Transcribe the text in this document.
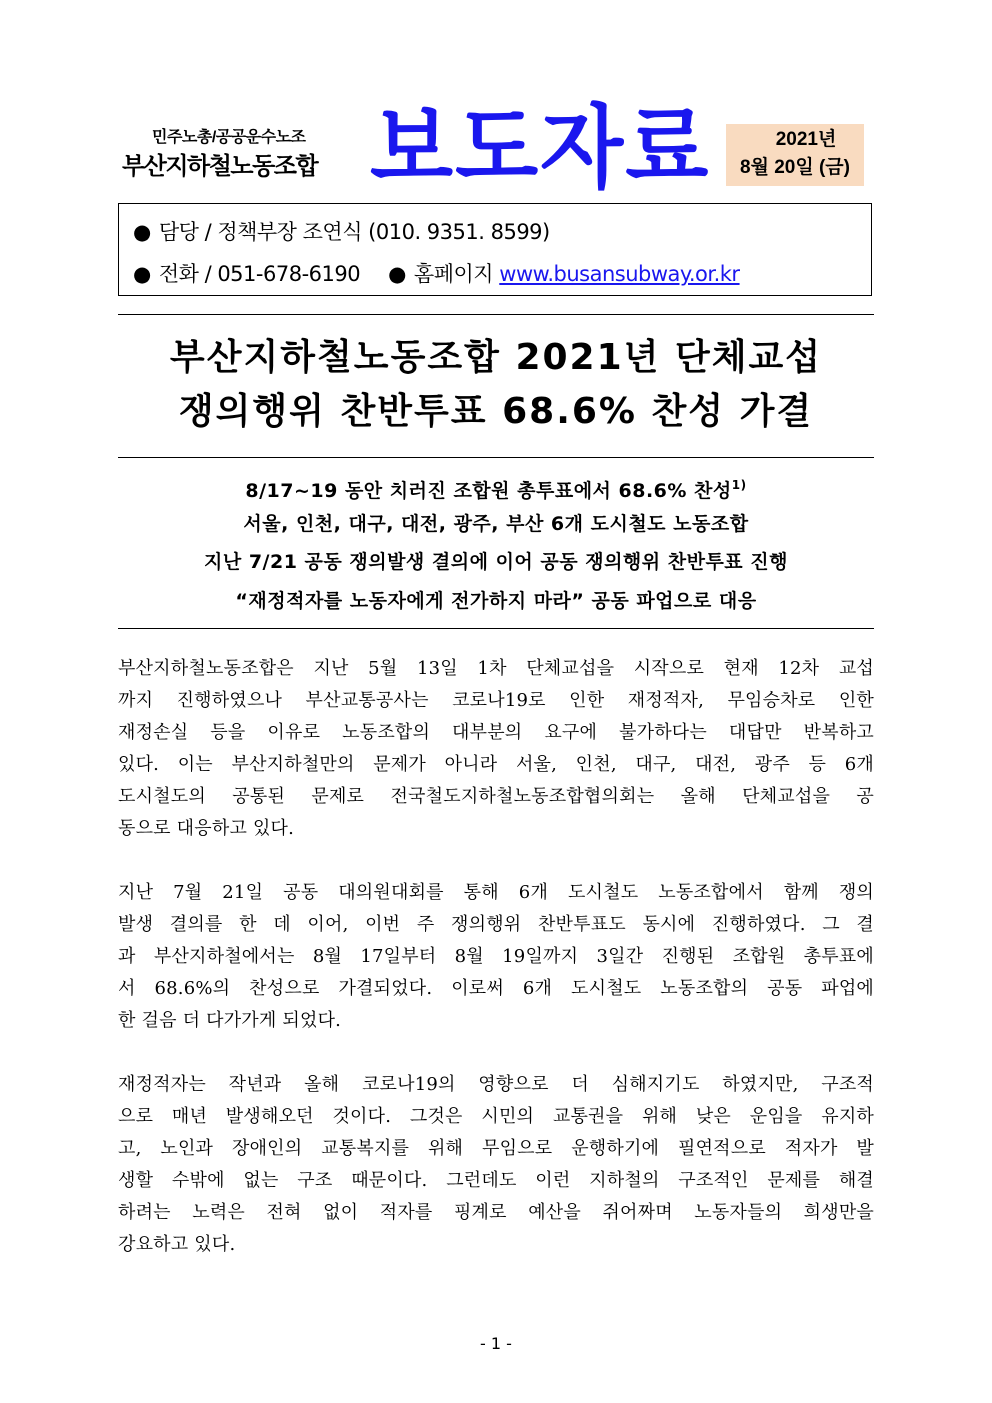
민주노총/공공운수노조
부산지하철노동조합 보도자료	2021년
8월 20일 (금)
● 담당 / 정책부장 조연식 (010. 9351. 8599)
● 전화 / 051-678-6190 ● 홈페이지 www.busansubway.or.kr
부산지하철노동조합 2021년 단체교섭
쟁의행위 찬반투표 68.6% 찬성 가결
8/17~19 동안 치러진 조합원 총투표에서 68.6% 찬성$^{1)}$
서울, 인천, 대구, 대전, 광주, 부산 6개 도시철도 노동조합
지난 7/21 공동 쟁의발생 결의에 이어 공동 쟁의행위 찬반투표 진행
“재정적자를 노동자에게 전가하지 마라” 공동 파업으로 대응
부산지하철노동조합은 지난 5월 13일 1차 단체교섭을 시작으로 현재 12차 교섭
까지 진행하였으나 부산교통공사는 코로나19로 인한 재정적자, 무임승차로 인한
재정손실 등을 이유로 노동조합의 대부분의 요구에 불가하다는 대답만 반복하고
있다. 이는 부산지하철만의 문제가 아니라 서울, 인천, 대구, 대전, 광주 등 6개
도시철도의 공통된 문제로 전국철도지하철노동조합협의회는 올해 단체교섭을 공
동으로 대응하고 있다.
지난 7월 21일 공동 대의원대회를 통해 6개 도시철도 노동조합에서 함께 쟁의
발생 결의를 한 데 이어, 이번 주 쟁의행위 찬반투표도 동시에 진행하였다. 그 결
과 부산지하철에서는 8월 17일부터 8월 19일까지 3일간 진행된 조합원 총투표에
서 68.6%의 찬성으로 가결되었다. 이로써 6개 도시철도 노동조합의 공동 파업에
한 걸음 더 다가가게 되었다.
재정적자는 작년과 올해 코로나19의 영향으로 더 심해지기도 하였지만, 구조적
으로 매년 발생해오던 것이다. 그것은 시민의 교통권을 위해 낮은 운임을 유지하
고, 노인과 장애인의 교통복지를 위해 무임으로 운행하기에 필연적으로 적자가 발
생할 수밖에 없는 구조 때문이다. 그런데도 이런 지하철의 구조적인 문제를 해결
하려는 노력은 전혀 없이 적자를 핑계로 예산을 쥐어짜며 노동자들의 희생만을
강요하고 있다.
- 1 -
